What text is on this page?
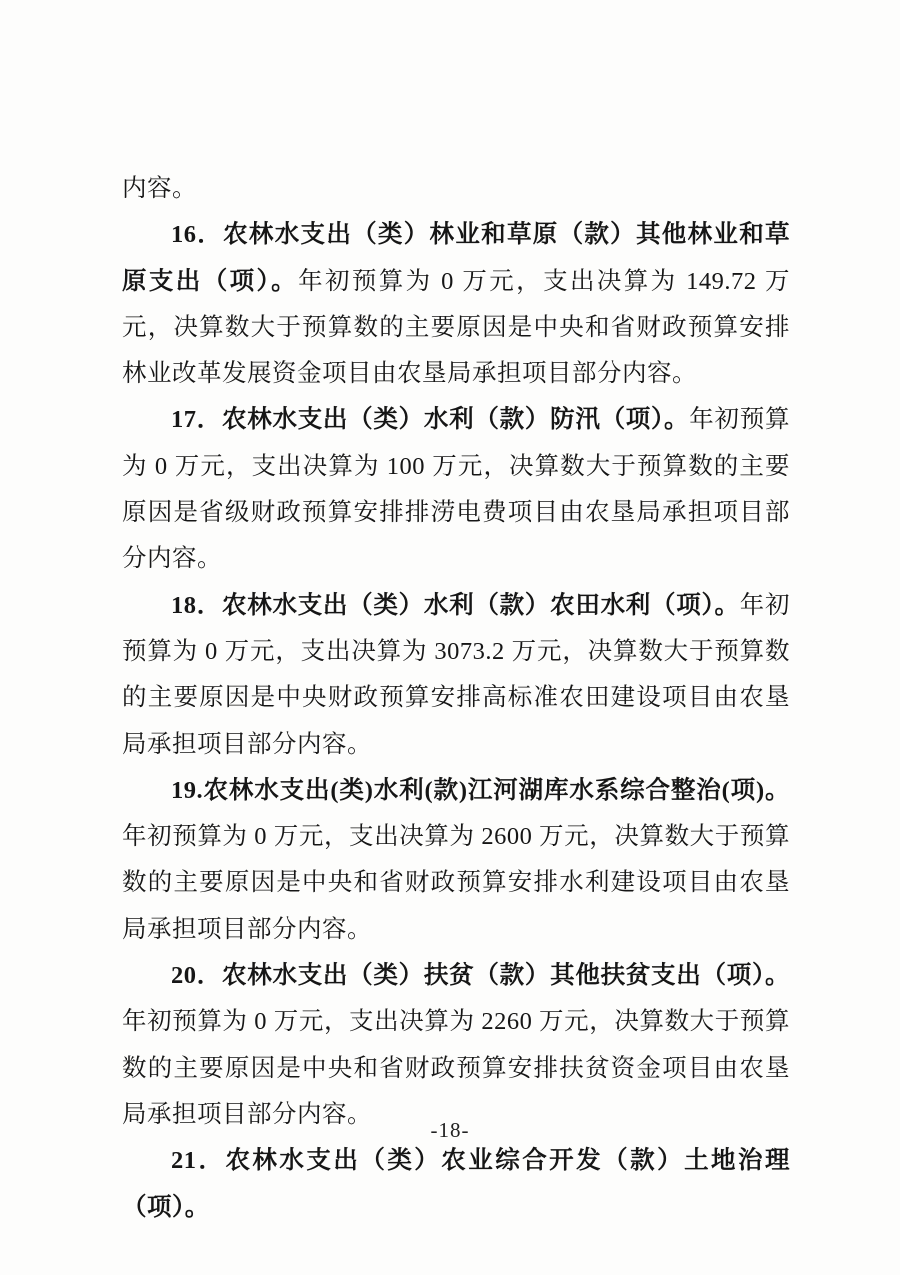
内容。

16．农林水支出（类）林业和草原（款）其他林业和草原支出（项）。年初预算为 0 万元，支出决算为 149.72 万元，决算数大于预算数的主要原因是中央和省财政预算安排林业改革发展资金项目由农垦局承担项目部分内容。

17．农林水支出（类）水利（款）防汛（项）。年初预算为 0 万元，支出决算为 100 万元，决算数大于预算数的主要原因是省级财政预算安排排涝电费项目由农垦局承担项目部分内容。

18．农林水支出（类）水利（款）农田水利（项）。年初预算为 0 万元，支出决算为 3073.2 万元，决算数大于预算数的主要原因是中央财政预算安排高标准农田建设项目由农垦局承担项目部分内容。

19.农林水支出(类)水利(款)江河湖库水系综合整治(项)。年初预算为 0 万元，支出决算为 2600 万元，决算数大于预算数的主要原因是中央和省财政预算安排水利建设项目由农垦局承担项目部分内容。

20．农林水支出（类）扶贫（款）其他扶贫支出（项）。年初预算为 0 万元，支出决算为 2260 万元，决算数大于预算数的主要原因是中央和省财政预算安排扶贫资金项目由农垦局承担项目部分内容。

21．农林水支出（类）农业综合开发（款）土地治理（项）。

-18-
